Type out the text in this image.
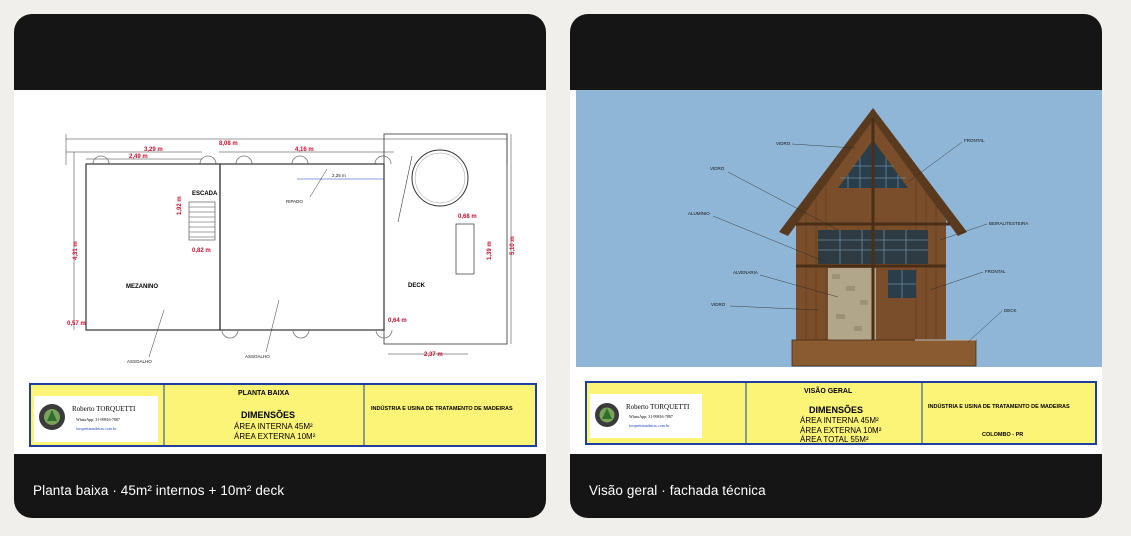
8,08 m
3,29 m
2,49 m
4,16 m
2,25 m
RIPADO
ESCADA
MEZANINO	DECK
4,31 m
1,92 m
0,82 m
0,57 m	0,64 m
2,37 m
0,68 m
1,39 m	5,10 m
ASSOALHO
ASSOALHO
Roberto TORQUETTI
WhatsApp: 31-99816-7887
torquettimadeiras.com.br
PLANTA BAIXA
DIMENSÕES
ÁREA INTERNA 45M²
ÁREA EXTERNA 10M²
INDÚSTRIA E USINA DE TRATAMENTO DE MADEIRAS
Planta baixa · 45m² internos + 10m² deck
VIDRO
VIDRO
ALUMÍNIO
ALVENARIA
VIDRO
FRONTAL
BEIRAL/TESTEIRA
FRONTAL
DECK
Roberto TORQUETTI
WhatsApp: 31-99816-7887
torquettimadeiras.com.br
VISÃO GERAL
DIMENSÕES
ÁREA INTERNA 45M²
ÁREA EXTERNA 10M²
ÁREA TOTAL 55M²
INDÚSTRIA E USINA DE TRATAMENTO DE MADEIRAS
COLOMBO - PR
Visão geral · fachada técnica
